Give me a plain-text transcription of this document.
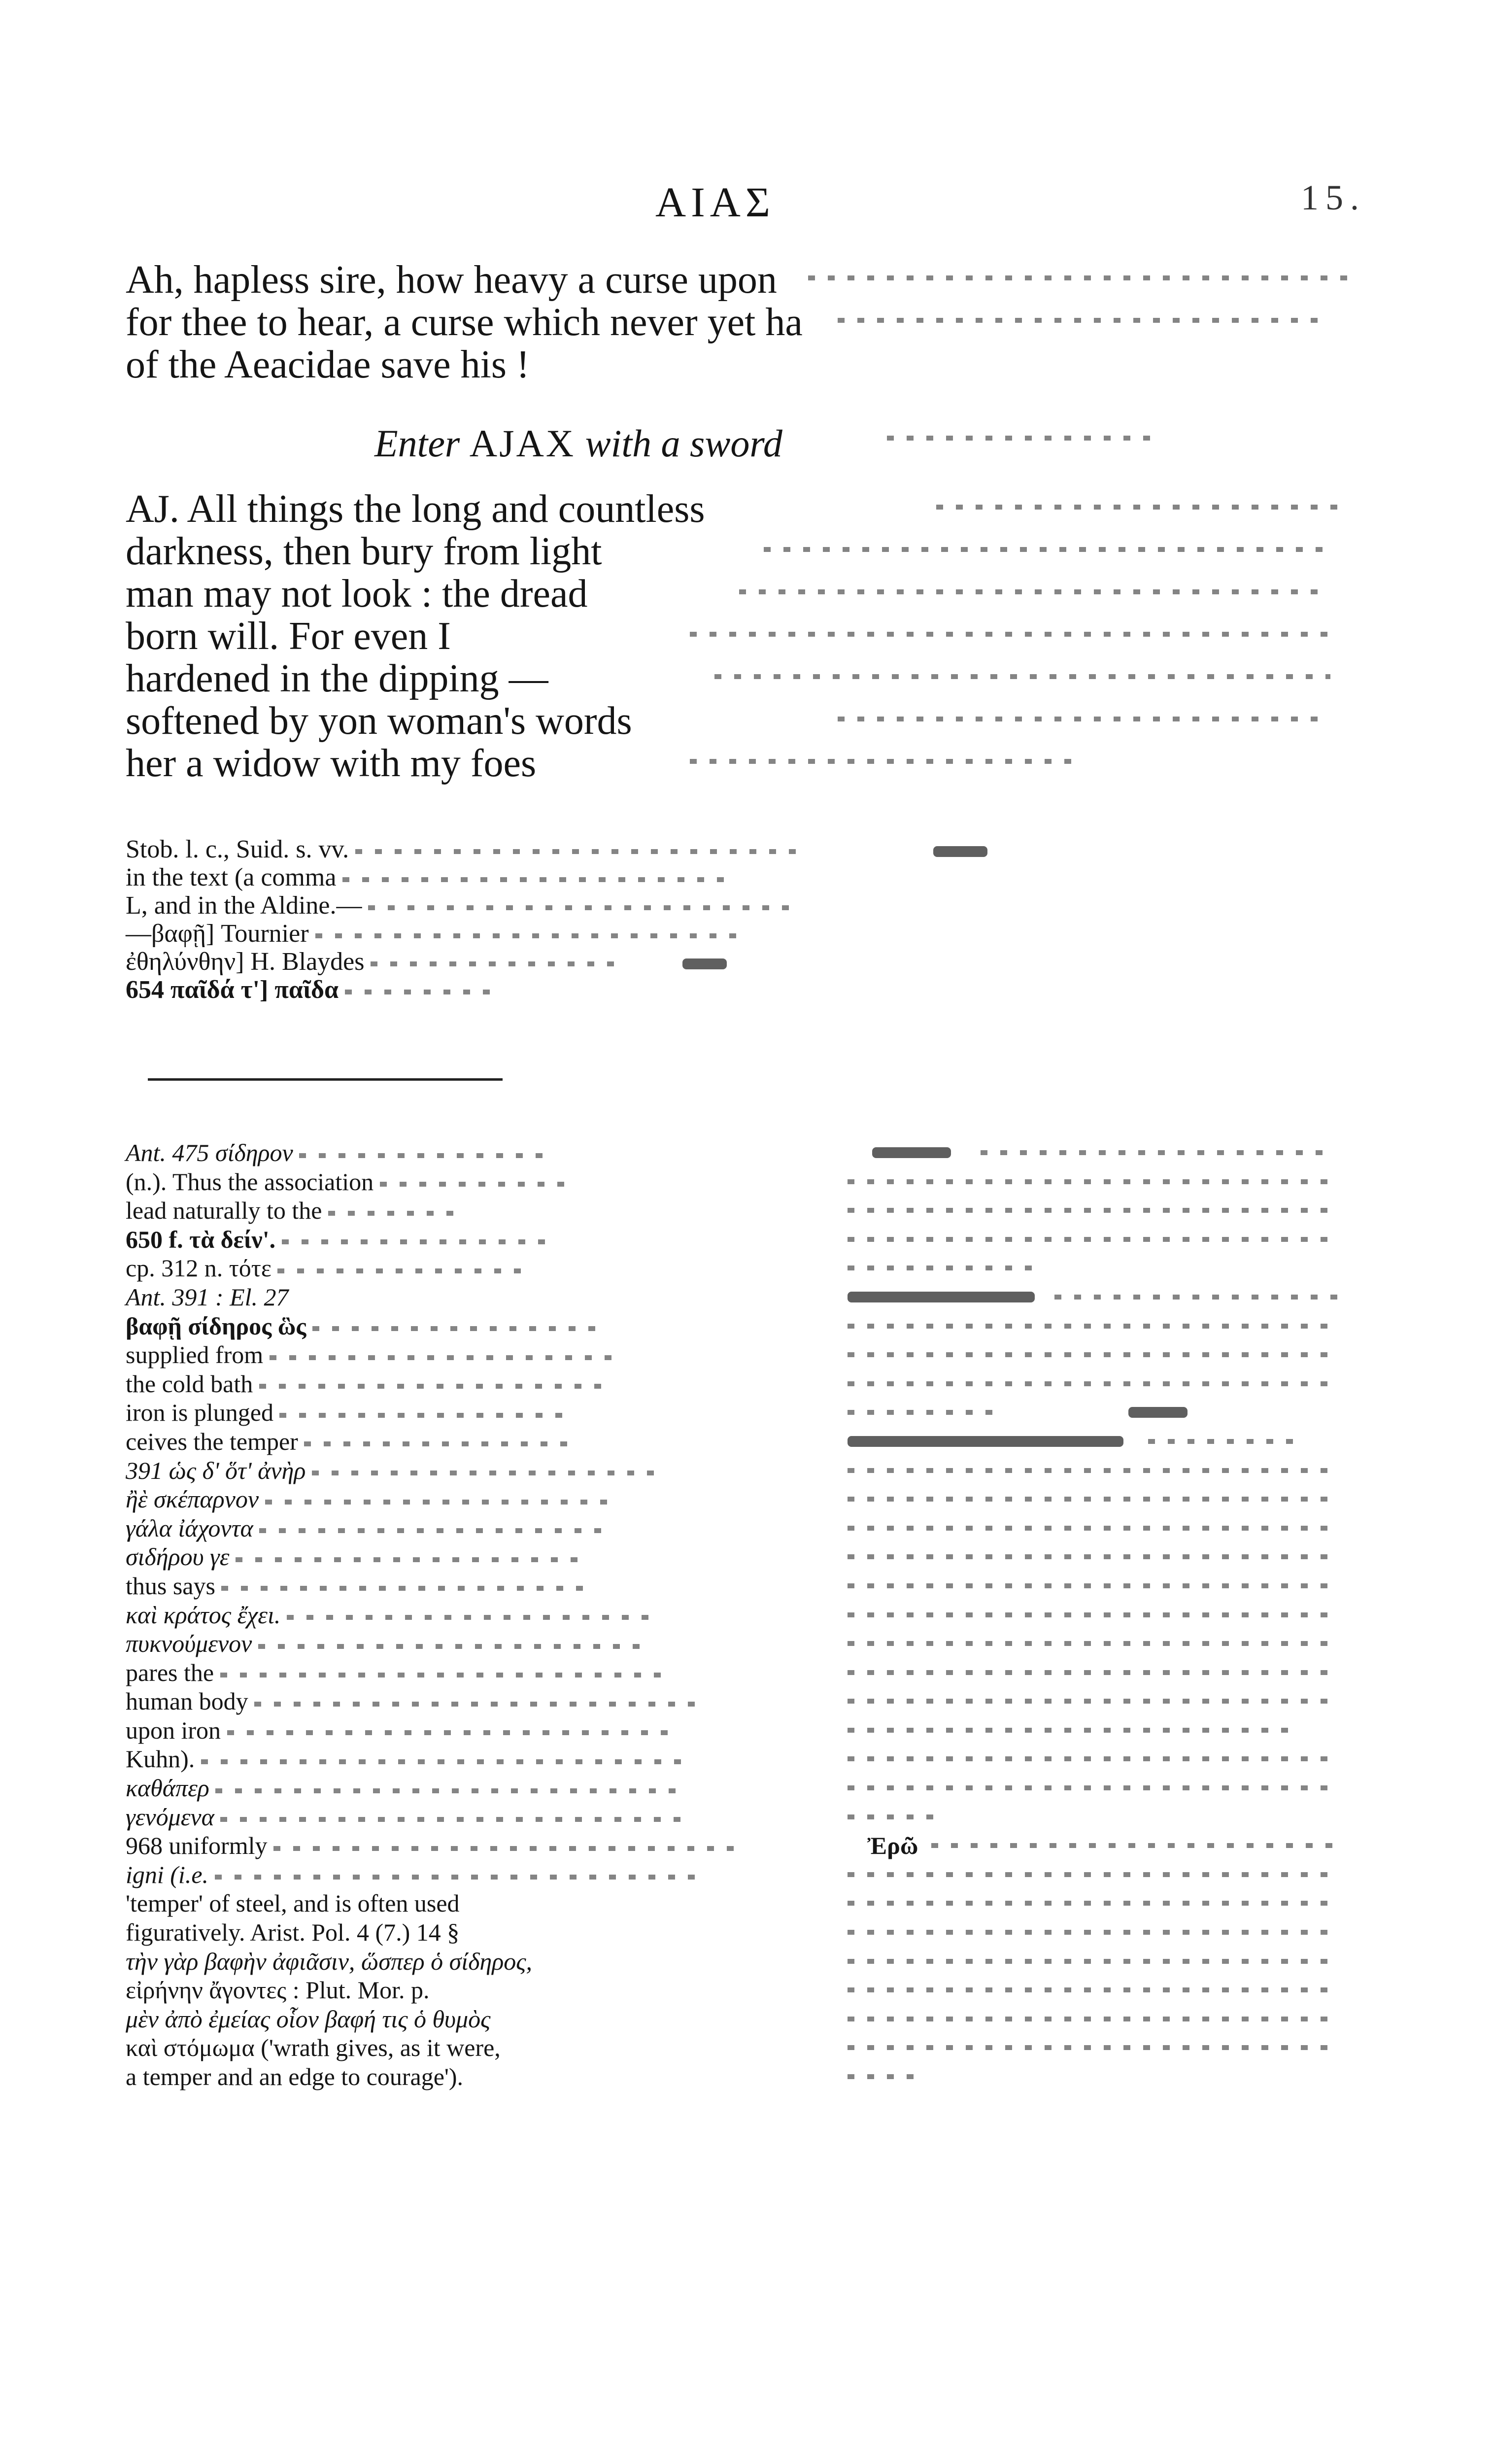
ΑΙΑΣ	15.
Ah, hapless sire, how heavy a curse upon
for thee to hear, a curse which never yet ha
of the Aeacidae save his !
Enter AJAX with a sword
AJ. All things the long and countless
darkness, then bury from light
man may not look : the dread
born will. For even I
hardened in the dipping —
softened by yon woman's words
her a widow with my foes
Stob. l. c., Suid. s. vv.
in the text (a comma
L, and in the Aldine.—
—βαφῇ] Tournier
ἐθηλύνθην] H. Blaydes
654 παῖδά τ'] παῖδα
Ant. 475 σίδηρον
(n.). Thus the association
lead naturally to the
650 f. τὰ δείν'.
cp. 312 n. τότε
Ant. 391 : El. 27
βαφῇ σίδηρος ὣς
supplied from
the cold bath
iron is plunged
ceives the temper
391 ὡς δ' ὅτ' ἀνὴρ
ἢὲ σκέπαρνον
γάλα ἰάχοντα
σιδήρου γε
thus says
καὶ κράτος ἔχει.
πυκνούμενον
pares the
human body
upon iron
Kuhn).
καθάπερ
γενόμενα
968 uniformly
igni (i.e.
'temper' of steel, and is often used
figuratively. Arist. Pol. 4 (7.) 14 §
τὴν γὰρ βαφὴν ἀφιᾶσιν, ὥσπερ ὁ σίδηρος,
εἰρήνην ἄγοντες : Plut. Mor. p.
μὲν ἀπὸ ἐμείας οἷον βαφή τις ὁ θυμὸς
καὶ στόμωμα ('wrath gives, as it were,
a temper and an edge to courage').
Ἐρῶ
